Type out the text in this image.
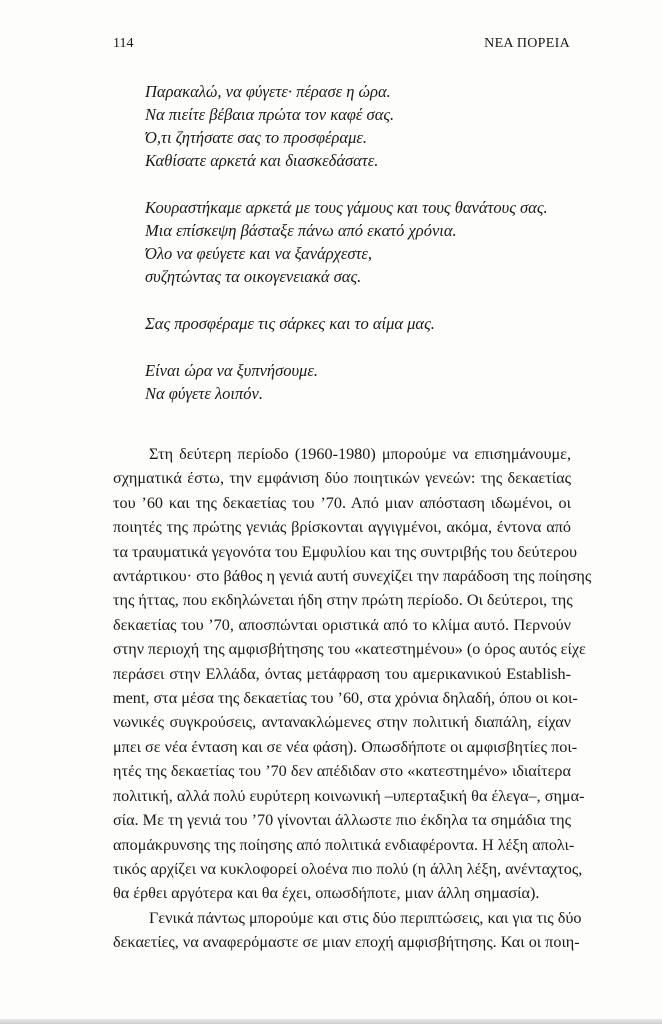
114	ΝΕΑ ΠΟΡΕΙΑ
Παρακαλώ, να φύγετε· πέρασε η ώρα.
Να πιείτε βέβαια πρώτα τον καφέ σας.
Ό,τι ζητήσατε σας το προσφέραμε.
Καθίσατε αρκετά και διασκεδάσατε.
Κουραστήκαμε αρκετά με τους γάμους και τους θανάτους σας.
Μια επίσκεψη βάσταξε πάνω από εκατό χρόνια.
Όλο να φεύγετε και να ξανάρχεστε,
συζητώντας τα οικογενειακά σας.
Σας προσφέραμε τις σάρκες και το αίμα μας.
Είναι ώρα να ξυπνήσουμε.
Να φύγετε λοιπόν.
Στη δεύτερη περίοδο (1960-1980) μπορούμε να επισημάνουμε,
σχηματικά έστω, την εμφάνιση δύο ποιητικών γενεών: της δεκαετίας
του ’60 και της δεκαετίας του ’70. Από μιαν απόσταση ιδωμένοι, οι
ποιητές της πρώτης γενιάς βρίσκονται αγγιγμένοι, ακόμα, έντονα από
τα τραυματικά γεγονότα του Εμφυλίου και της συντριβής του δεύτερου
αντάρτικου· στο βάθος η γενιά αυτή συνεχίζει την παράδοση της ποίησης
της ήττας, που εκδηλώνεται ήδη στην πρώτη περίοδο. Οι δεύτεροι, της
δεκαετίας του ’70, αποσπώνται οριστικά από το κλίμα αυτό. Περνούν
στην περιοχή της αμφισβήτησης του «κατεστημένου» (ο όρος αυτός είχε
περάσει στην Ελλάδα, όντας μετάφραση του αμερικανικού Establish-
ment, στα μέσα της δεκαετίας του ’60, στα χρόνια δηλαδή, όπου οι κοι-
νωνικές συγκρούσεις, αντανακλώμενες στην πολιτική διαπάλη, είχαν
μπει σε νέα ένταση και σε νέα φάση). Οπωσδήποτε οι αμφισβητίες ποι-
ητές της δεκαετίας του ’70 δεν απέδιδαν στο «κατεστημένο» ιδιαίτερα
πολιτική, αλλά πολύ ευρύτερη κοινωνική –υπερταξική θα έλεγα–, σημα-
σία. Με τη γενιά του ’70 γίνονται άλλωστε πιο έκδηλα τα σημάδια της
απομάκρυνσης της ποίησης από πολιτικά ενδιαφέροντα. Η λέξη απολι-
τικός αρχίζει να κυκλοφορεί ολοένα πιο πολύ (η άλλη λέξη, ανένταχτος,
θα έρθει αργότερα και θα έχει, οπωσδήποτε, μιαν άλλη σημασία).
Γενικά πάντως μπορούμε και στις δύο περιπτώσεις, και για τις δύο
δεκαετίες, να αναφερόμαστε σε μιαν εποχή αμφισβήτησης. Και οι ποιη-
